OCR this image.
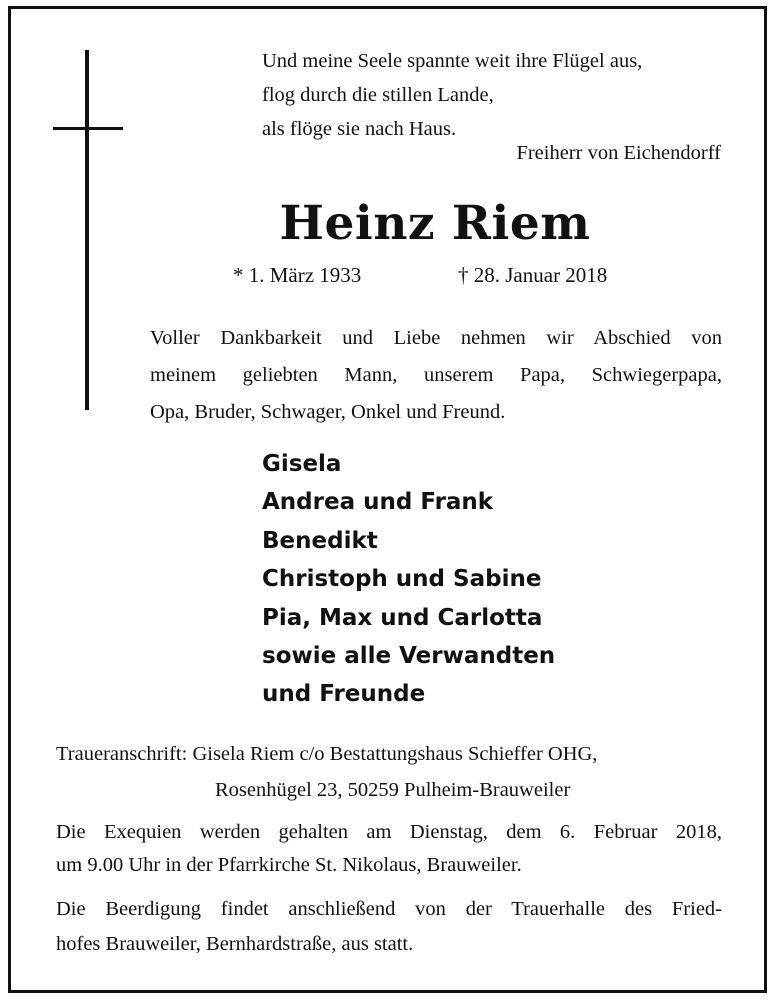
Und meine Seele spannte weit ihre Flügel aus,
flog durch die stillen Lande,
als flöge sie nach Haus.
Freiherr von Eichendorff
Heinz Riem
* 1. März 1933	† 28. Januar 2018
Voller Dankbarkeit und Liebe nehmen wir Abschied von
meinem geliebten Mann, unserem Papa, Schwiegerpapa,
Opa, Bruder, Schwager, Onkel und Freund.
Gisela
Andrea und Frank
Benedikt
Christoph und Sabine
Pia, Max und Carlotta
sowie alle Verwandten
und Freunde
Traueranschrift: Gisela Riem c/o Bestattungshaus Schieffer OHG,
Rosenhügel 23, 50259 Pulheim-Brauweiler
Die Exequien werden gehalten am Dienstag, dem 6. Februar 2018,
um 9.00 Uhr in der Pfarrkirche St. Nikolaus, Brauweiler.
Die Beerdigung findet anschließend von der Trauerhalle des Fried-
hofes Brauweiler, Bernhardstraße, aus statt.
